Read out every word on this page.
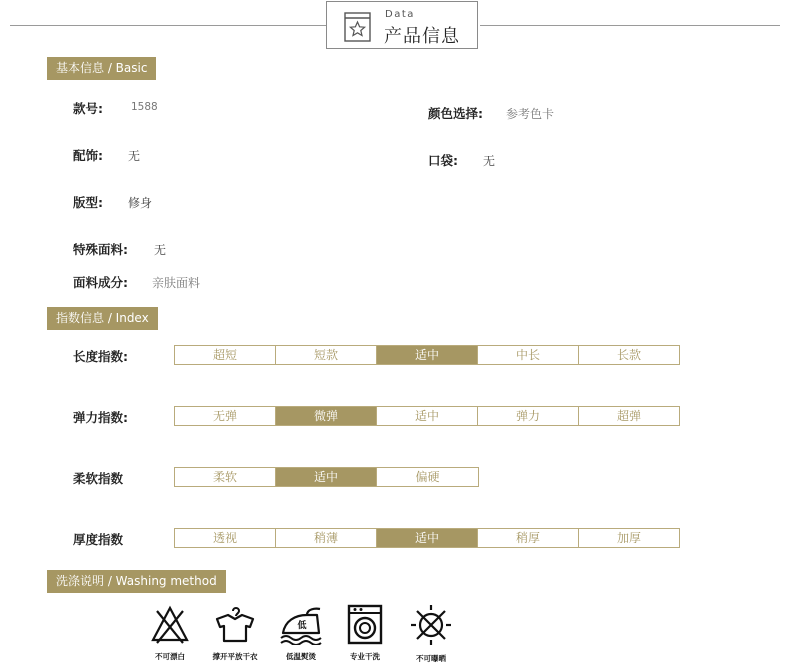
Data
产品信息
基本信息 / Basic
款号:	1588	颜色选择: 参考色卡
配饰: 无	口袋: 无
版型: 修身
特殊面料: 无
面料成分: 亲肤面料
指数信息 / Index
长度指数:	超短	短款	适中	中长	长款
弹力指数:	无弹	微弹	适中	弹力	超弹
柔软指数	柔软	适中	偏硬
厚度指数	透视	稍薄	适中	稍厚	加厚
洗涤说明 / Washing method
不可漂白	撑开平放干衣
低
低温熨烫	专业干洗	不可曝晒
